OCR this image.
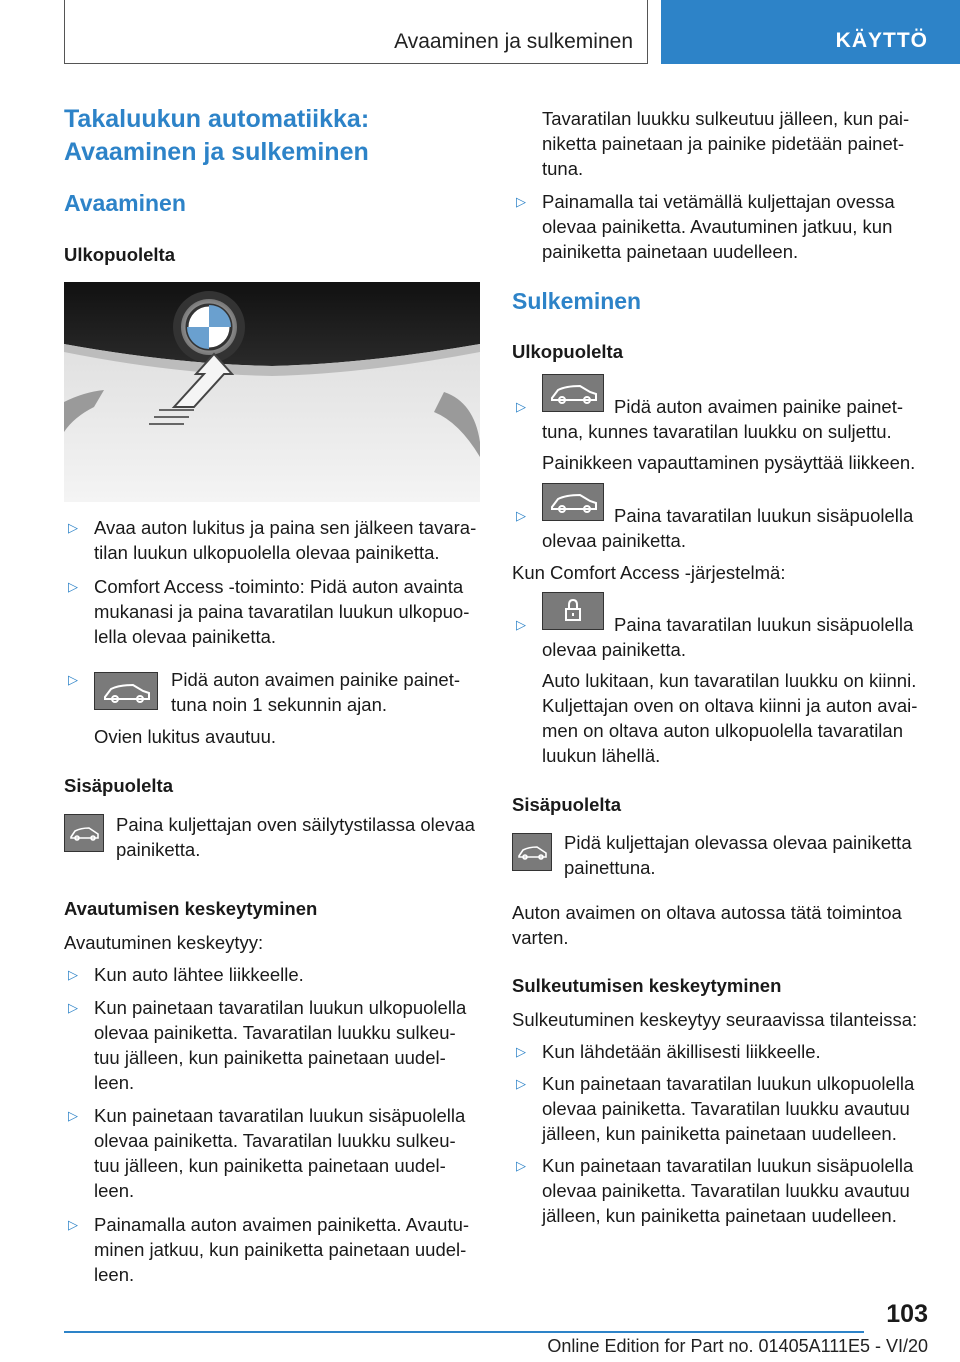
Avaaminen ja sulkeminen	KÄYTTÖ
Takaluukun automatiikka: Avaaminen ja sulkeminen
Avaaminen
Ulkopuolelta
▷ Avaa auton lukitus ja paina sen jälkeen tavara-tilan luukun ulkopuolella olevaa painiketta.
▷ Comfort Access -toiminto: Pidä auton avainta mukanasi ja paina tavaratilan luukun ulkopuo-lella olevaa painiketta.
▷	Pidä auton avaimen painike painet-tuna noin 1 sekunnin ajan.
Ovien lukitus avautuu.
Sisäpuolelta
Paina kuljettajan oven säilytystilassa olevaa painiketta.
Avautumisen keskeytyminen
Avautuminen keskeytyy:
▷ Kun auto lähtee liikkeelle.
▷ Kun painetaan tavaratilan luukun ulkopuolella olevaa painiketta. Tavaratilan luukku sulkeu-tuu jälleen, kun painiketta painetaan uudel-leen.
▷ Kun painetaan tavaratilan luukun sisäpuolella olevaa painiketta. Tavaratilan luukku sulkeu-tuu jälleen, kun painiketta painetaan uudel-leen.
▷ Painamalla auton avaimen painiketta. Avautu-minen jatkuu, kun painiketta painetaan uudel-leen.
Tavaratilan luukku sulkeutuu jälleen, kun pai-niketta painetaan ja painike pidetään painet-tuna.
▷ Painamalla tai vetämällä kuljettajan ovessa olevaa painiketta. Avautuminen jatkuu, kun painiketta painetaan uudelleen.
Sulkeminen
Ulkopuolelta
▷	Pidä auton avaimen painike painet-tuna, kunnes tavaratilan luukku on suljettu.
Painikkeen vapauttaminen pysäyttää liikkeen.
▷	Paina tavaratilan luukun sisäpuolella olevaa painiketta.
Kun Comfort Access -järjestelmä:
▷	Paina tavaratilan luukun sisäpuolella olevaa painiketta.
Auto lukitaan, kun tavaratilan luukku on kiinni. Kuljettajan oven on oltava kiinni ja auton avai-men on oltava auton ulkopuolella tavaratilan luukun lähellä.
Sisäpuolelta
Pidä kuljettajan olevassa olevaa painiketta painettuna.
Auton avaimen on oltava autossa tätä toimintoa varten.
Sulkeutumisen keskeytyminen
Sulkeutuminen keskeytyy seuraavissa tilanteissa:
▷ Kun lähdetään äkillisesti liikkeelle.
▷ Kun painetaan tavaratilan luukun ulkopuolella olevaa painiketta. Tavaratilan luukku avautuu jälleen, kun painiketta painetaan uudelleen.
▷ Kun painetaan tavaratilan luukun sisäpuolella olevaa painiketta. Tavaratilan luukku avautuu jälleen, kun painiketta painetaan uudelleen.
103
Online Edition for Part no. 01405A111E5 - VI/20
